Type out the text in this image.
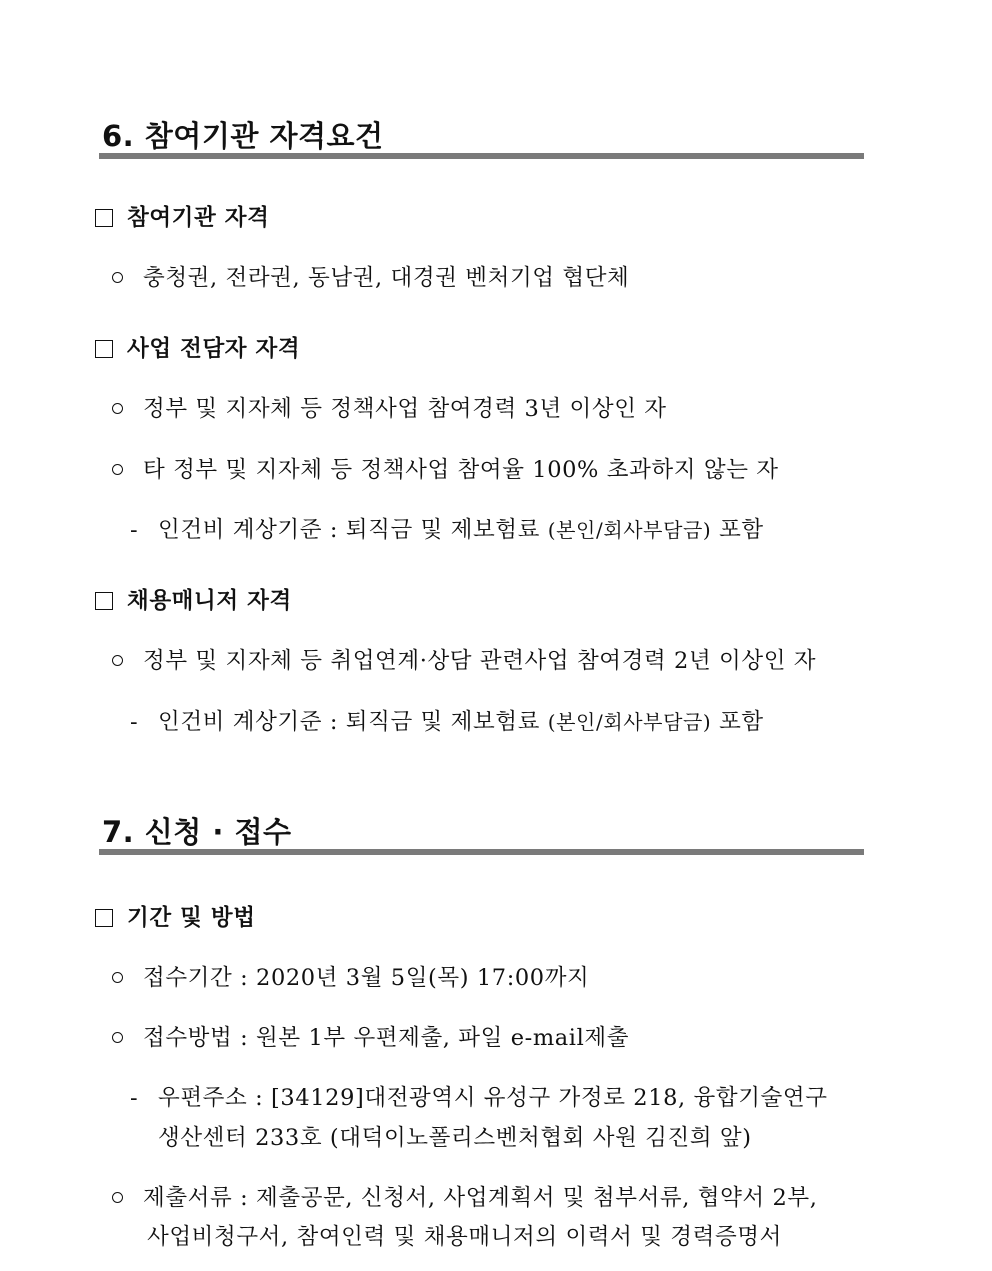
6. 참여기관 자격요건

참여기관 자격

충청권, 전라권, 동남권, 대경권 벤처기업 협단체

사업 전담자 자격

정부 및 지자체 등 정책사업 참여경력 3년 이상인 자

타 정부 및 지자체 등 정책사업 참여율 100% 초과하지 않는 자

- 인건비 계상기준 : 퇴직금 및 제보험료 (본인/회사부담금) 포함

채용매니저 자격

정부 및 지자체 등 취업연계·상담 관련사업 참여경력 2년 이상인 자

- 인건비 계상기준 : 퇴직금 및 제보험료 (본인/회사부담금) 포함

7. 신청 · 접수

기간 및 방법

접수기간 : 2020년 3월 5일(목) 17:00까지

접수방법 : 원본 1부 우편제출, 파일 e-mail제출

- 우편주소 : [34129]대전광역시 유성구 가정로 218, 융합기술연구

생산센터 233호 (대덕이노폴리스벤처협회 사원 김진희 앞)

제출서류 : 제출공문, 신청서, 사업계획서 및 첨부서류, 협약서 2부,

사업비청구서, 참여인력 및 채용매니저의 이력서 및 경력증명서
